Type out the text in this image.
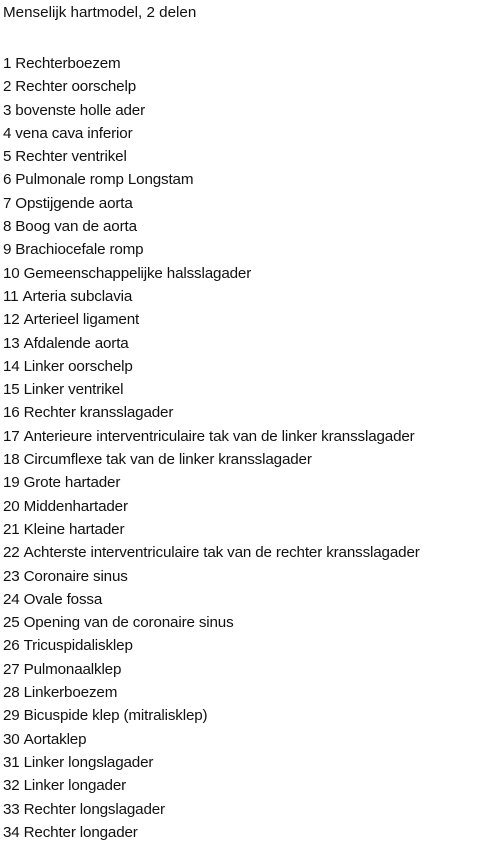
Menselijk hartmodel, 2 delen
1 Rechterboezem
2 Rechter oorschelp
3 bovenste holle ader
4 vena cava inferior
5 Rechter ventrikel
6 Pulmonale romp Longstam
7 Opstijgende aorta
8 Boog van de aorta
9 Brachiocefale romp
10 Gemeenschappelijke halsslagader
11 Arteria subclavia
12 Arterieel ligament
13 Afdalende aorta
14 Linker oorschelp
15 Linker ventrikel
16 Rechter kransslagader
17 Anterieure interventriculaire tak van de linker kransslagader
18 Circumflexe tak van de linker kransslagader
19 Grote hartader
20 Middenhartader
21 Kleine hartader
22 Achterste interventriculaire tak van de rechter kransslagader
23 Coronaire sinus
24 Ovale fossa
25 Opening van de coronaire sinus
26 Tricuspidalisklep
27 Pulmonaalklep
28 Linkerboezem
29 Bicuspide klep (mitralisklep)
30 Aortaklep
31 Linker longslagader
32 Linker longader
33 Rechter longslagader
34 Rechter longader
